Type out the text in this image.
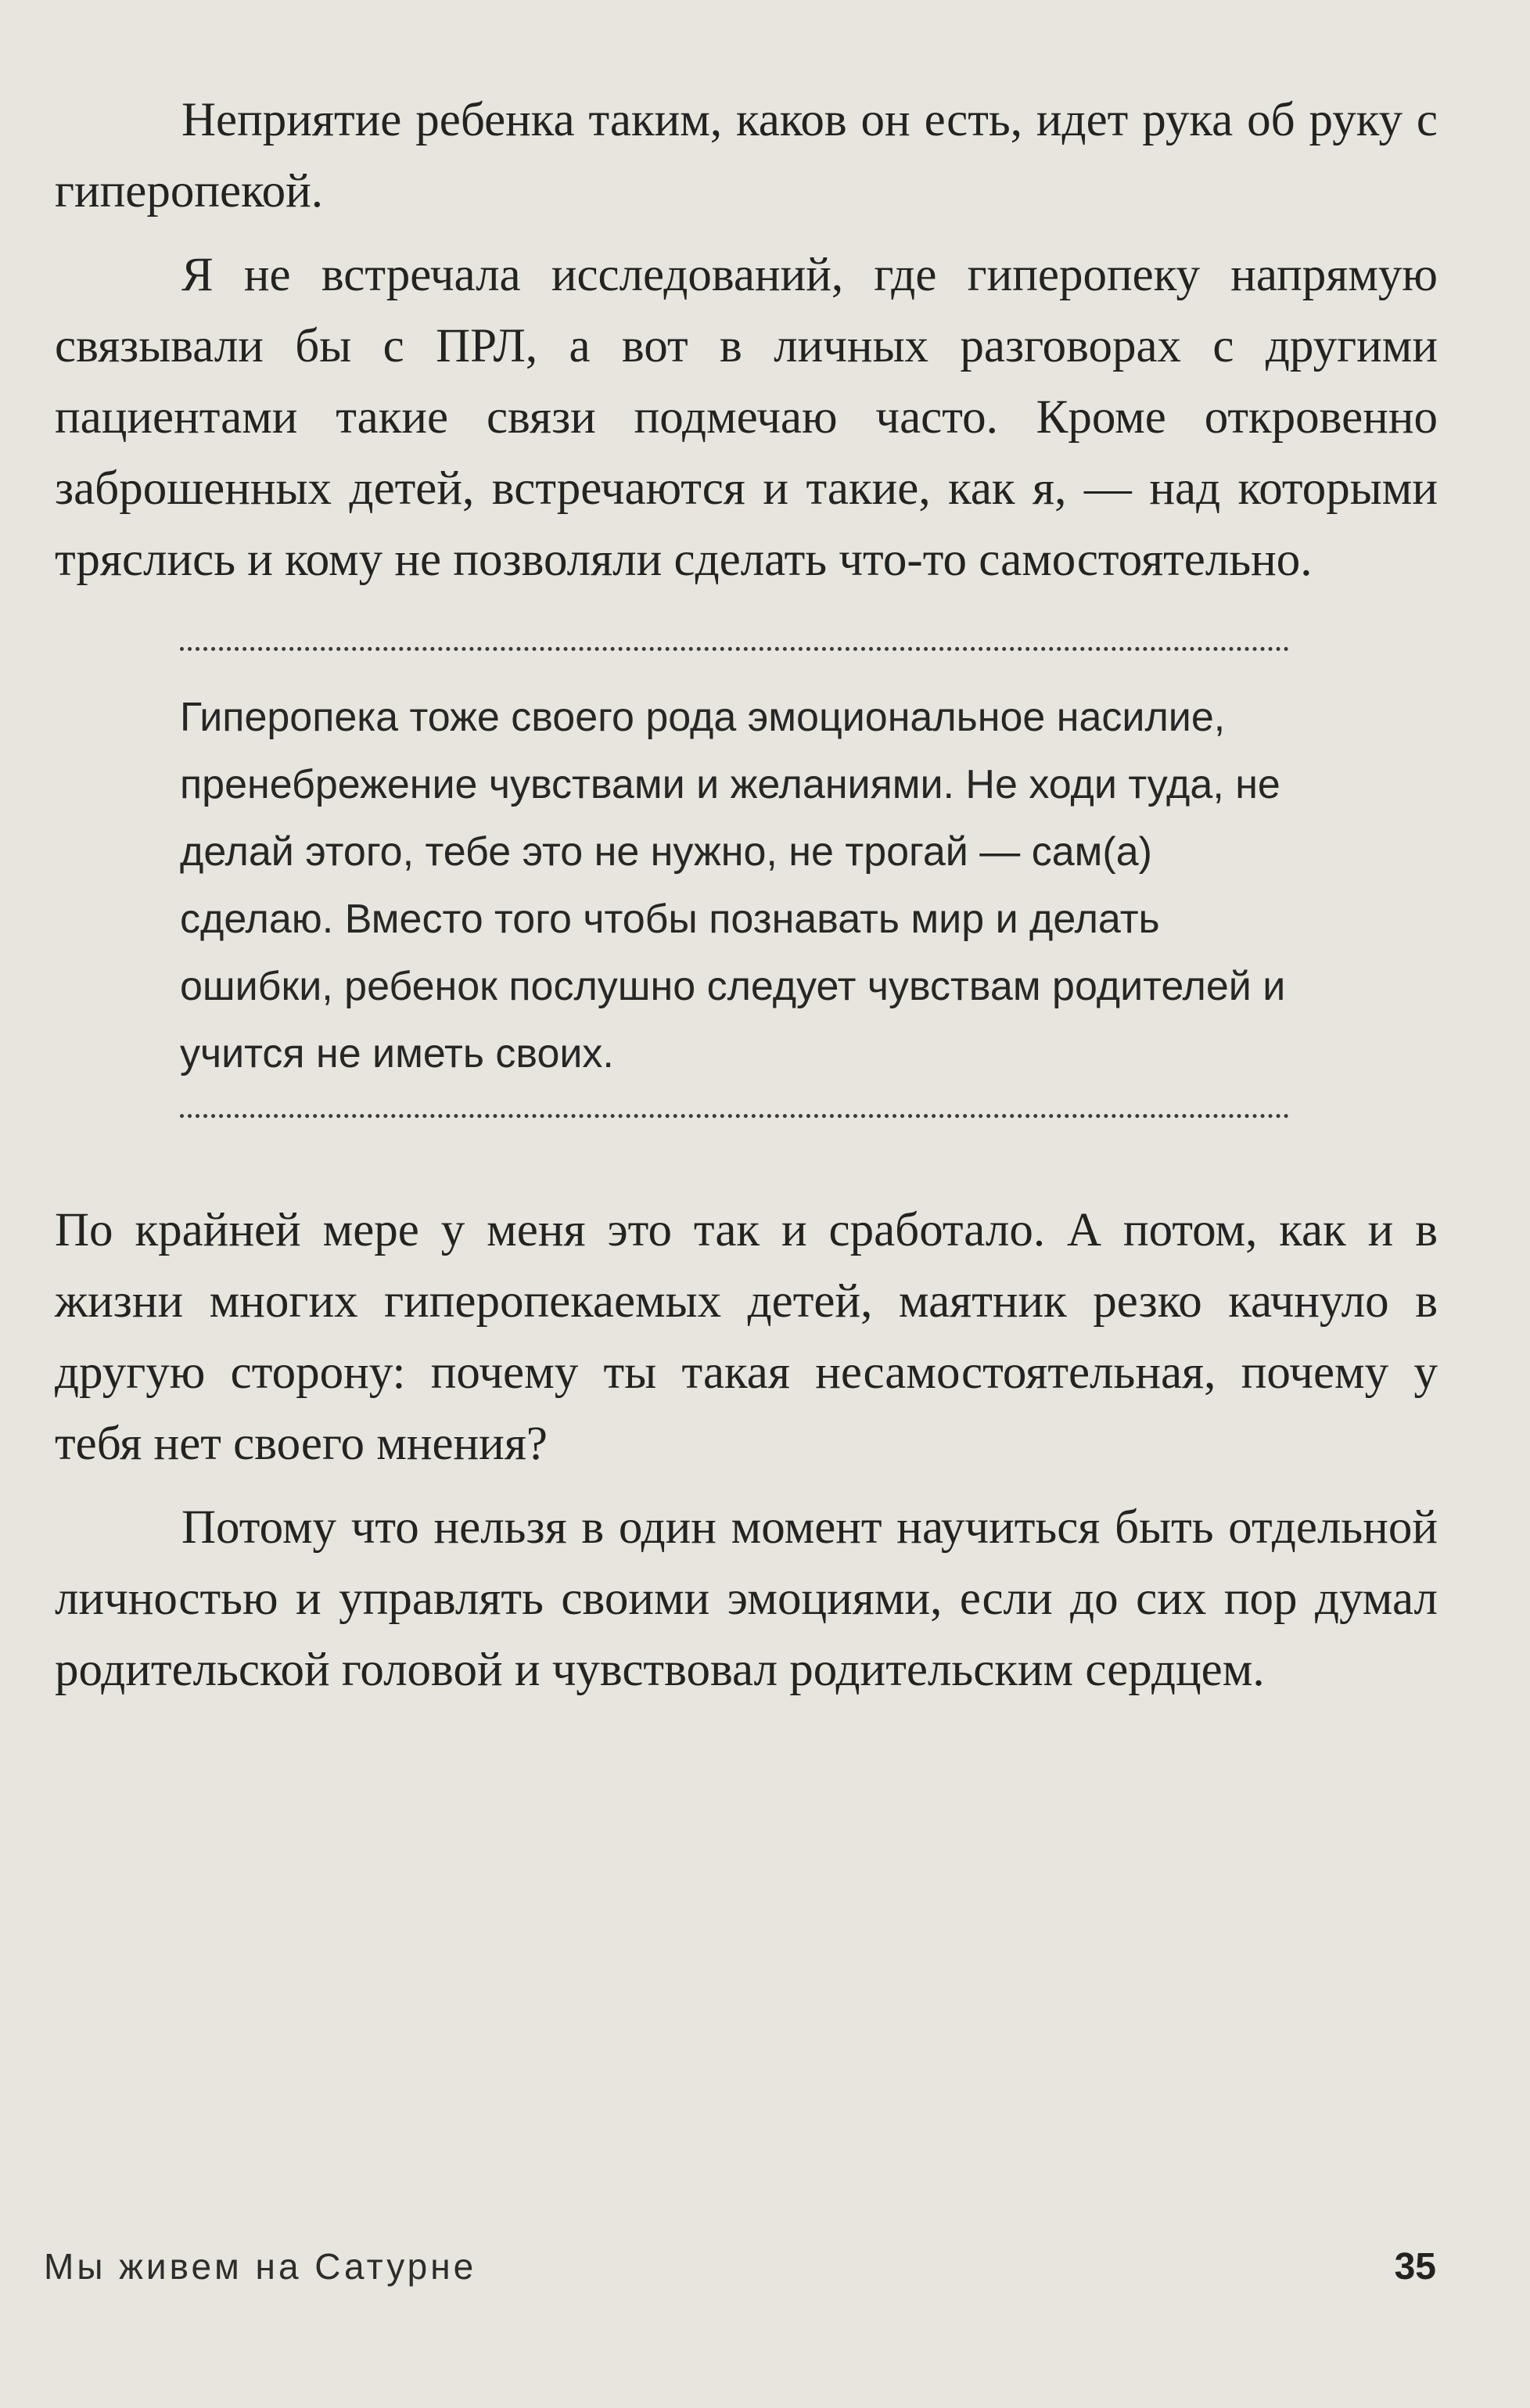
Неприятие ребенка таким, каков он есть, идет рука об руку с гиперопекой.

Я не встречала исследований, где гиперопеку напрямую связывали бы с ПРЛ, а вот в личных разговорах с другими пациентами такие связи подмечаю часто. Кроме откровенно заброшенных детей, встречаются и такие, как я, — над которыми тряслись и кому не позволяли сделать что-то самостоятельно.

Гиперопека тоже своего рода эмоциональное насилие, пренебрежение чувствами и желаниями. Не ходи туда, не делай этого, тебе это не нужно, не трогай — сам(а) сделаю. Вместо того чтобы познавать мир и делать ошибки, ребенок послушно следует чувствам родителей и учится не иметь своих.

По крайней мере у меня это так и сработало. А потом, как и в жизни многих гиперопекаемых детей, маятник резко качнуло в другую сторону: почему ты такая несамостоятельная, почему у тебя нет своего мнения?

Потому что нельзя в один момент научиться быть отдельной личностью и управлять своими эмоциями, если до сих пор думал родительской головой и чувствовал родительским сердцем.

Мы живем на Сатурне	35
